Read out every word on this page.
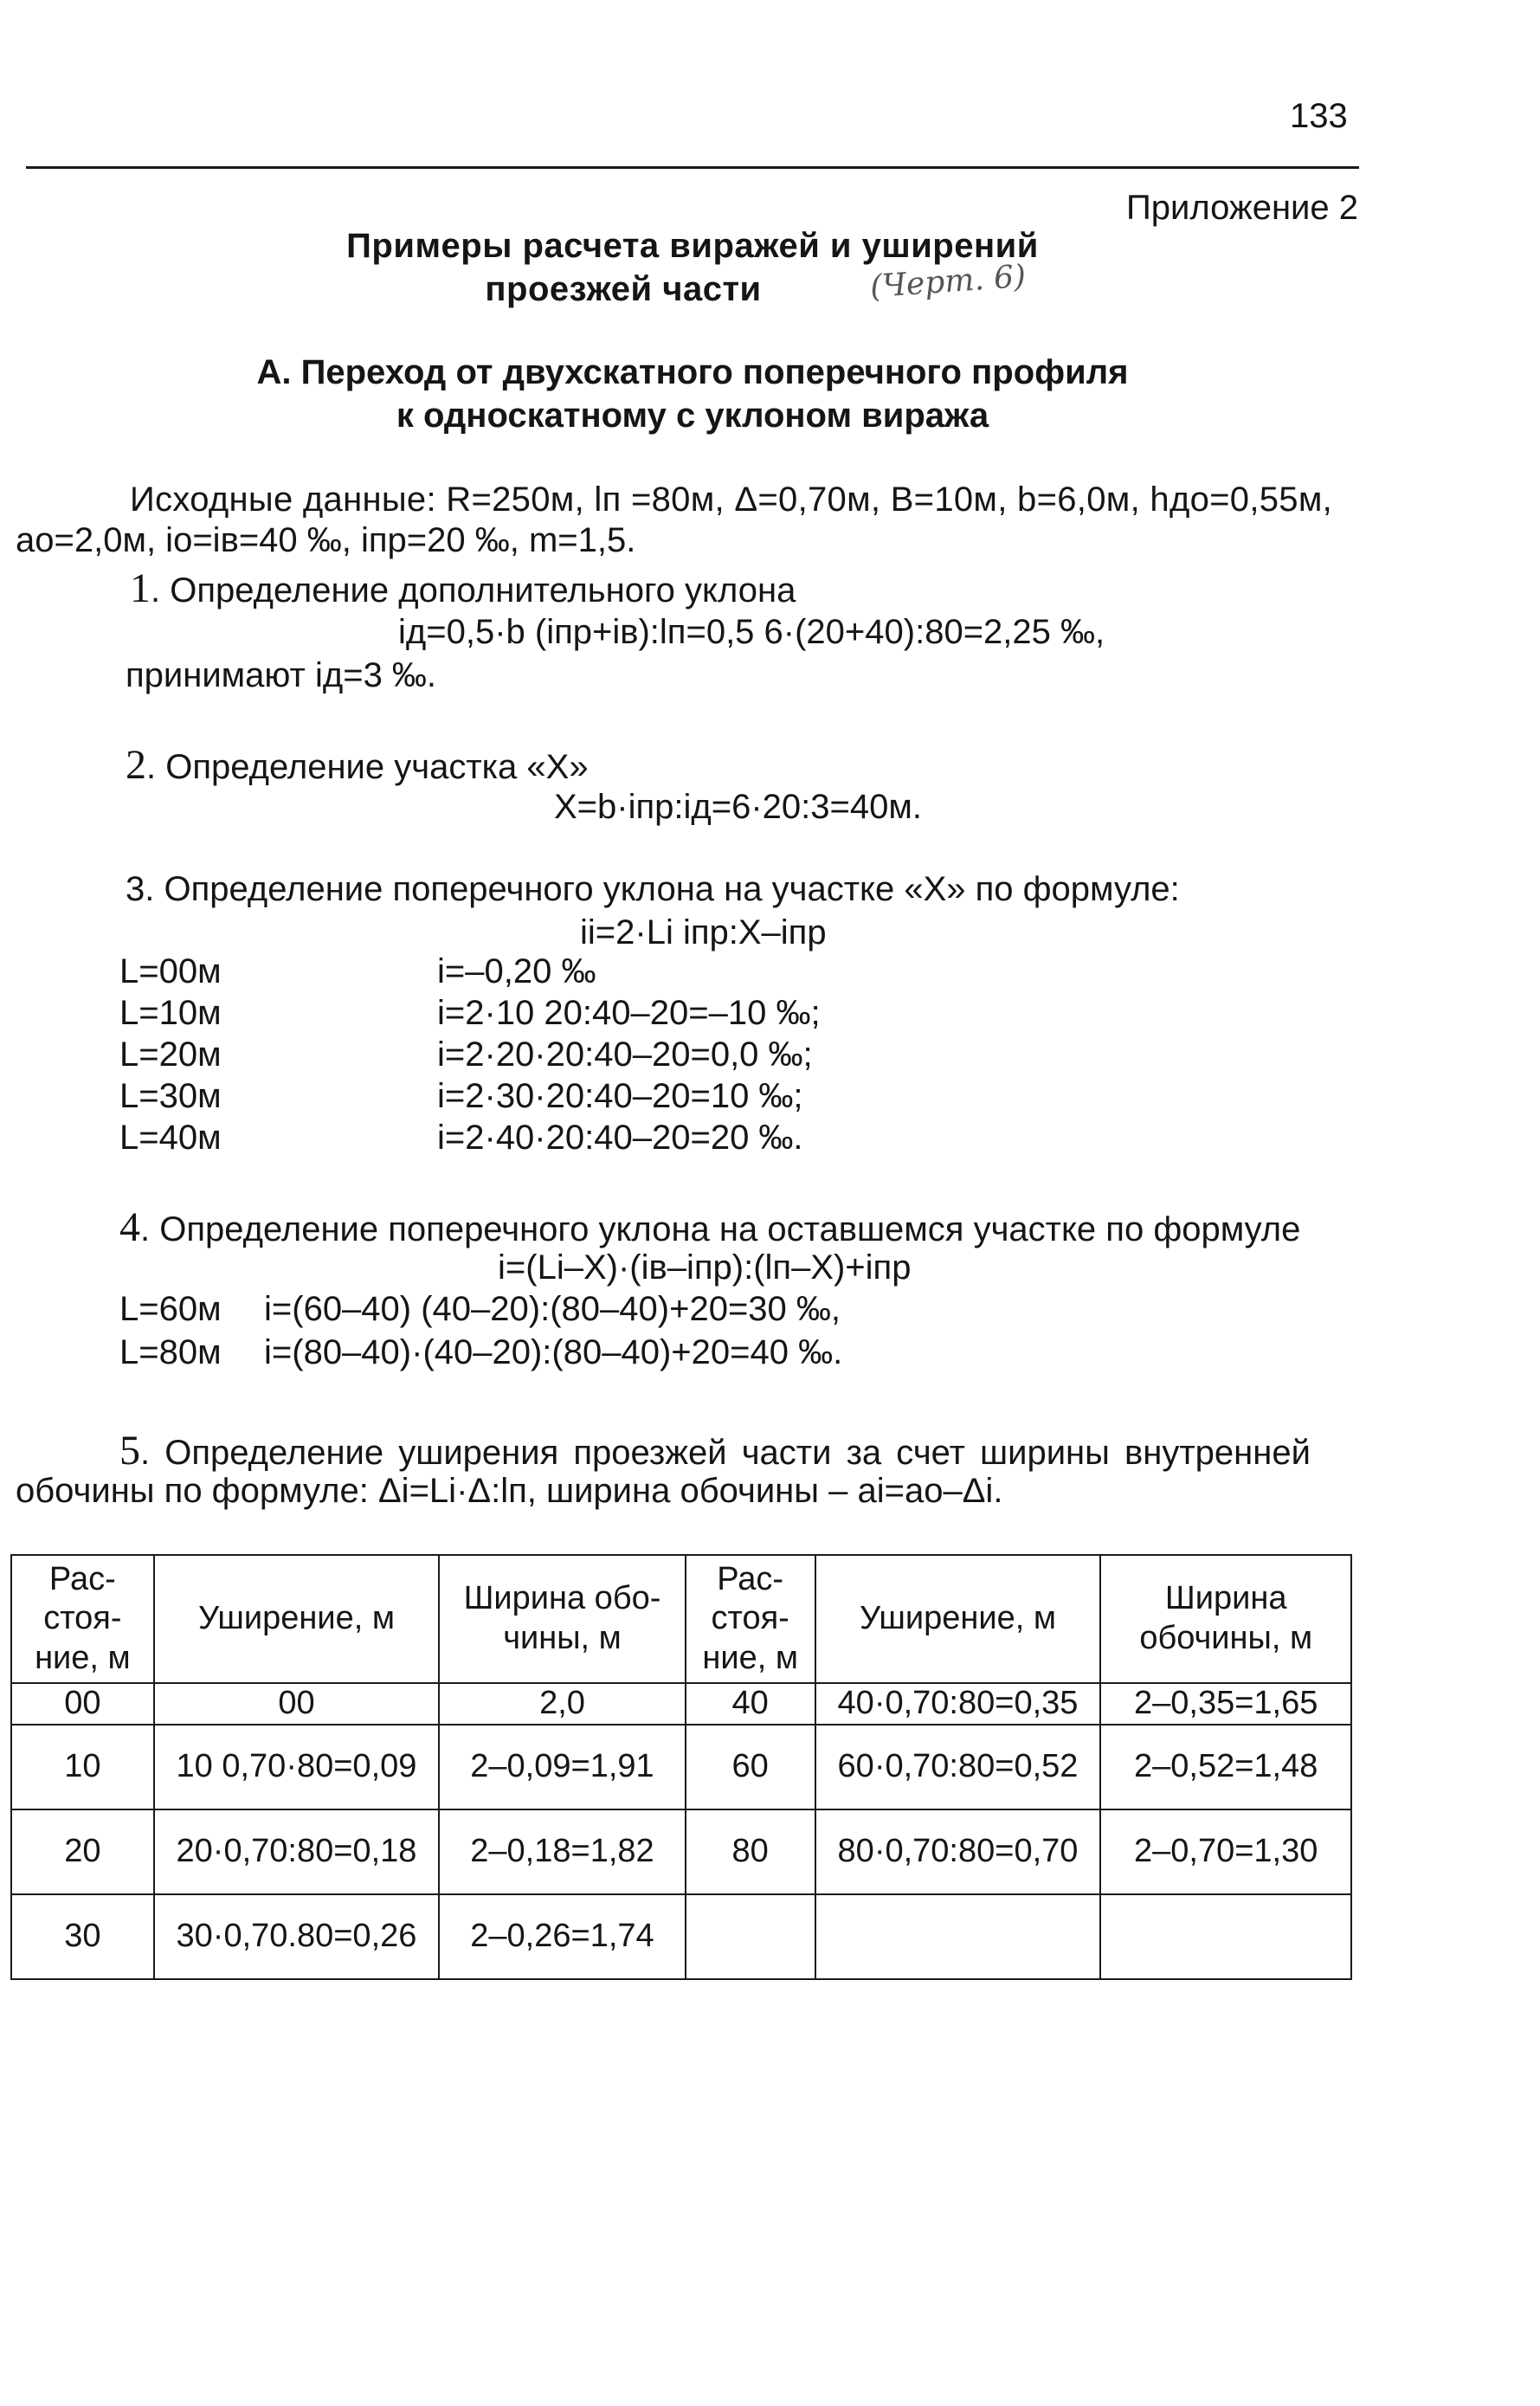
133
Приложение 2
Примеры расчета виражей и уширений
проезжей части	(Черт. 6)
А. Переход от двухскатного поперечного профиля
к односкатному с уклоном виража
Исходные данные: R=250м, lп =80м, Δ=0,70м, В=10м, b=6,0м, hдо=0,55м,
ao=2,0м, io=iв=40 ‰, iпр=20 ‰, m=1,5.
1. Определение дополнительного уклона
iд=0,5·b (iпр+iв):lп=0,5 6·(20+40):80=2,25 ‰,
принимают iд=3 ‰.
2. Определение участка «X»
X=b·iпр:iд=6·20:3=40м.
3. Определение поперечного уклона на участке «X» по формуле:
ii=2·Li iпр:X–iпр
L=00м	i=–0,20 ‰
L=10м	i=2·10 20:40–20=–10 ‰;
L=20м	i=2·20·20:40–20=0,0 ‰;
L=30м	i=2·30·20:40–20=10 ‰;
L=40м	i=2·40·20:40–20=20 ‰.
4. Определение поперечного уклона на оставшемся участке по формуле
i=(Li–X)·(iв–iпр):(lп–X)+iпр
L=60м i=(60–40) (40–20):(80–40)+20=30 ‰,
L=80м i=(80–40)·(40–20):(80–40)+20=40 ‰.
5. Определение уширения проезжей части за счет ширины внутренней
обочины по формуле: Δi=Li·Δ:lп, ширина обочины – ai=ao–Δi.
Рас-стоя-ние, м	Уширение, м	Ширина обо-чины, м	Рас-стоя-ние, м	Уширение, м	Ширина обочины, м
00	00	2,0	40	40·0,70:80=0,35	2–0,35=1,65
10	10 0,70·80=0,09	2–0,09=1,91	60	60·0,70:80=0,52	2–0,52=1,48
20	20·0,70:80=0,18	2–0,18=1,82	80	80·0,70:80=0,70	2–0,70=1,30
30	30·0,70.80=0,26	2–0,26=1,74			
